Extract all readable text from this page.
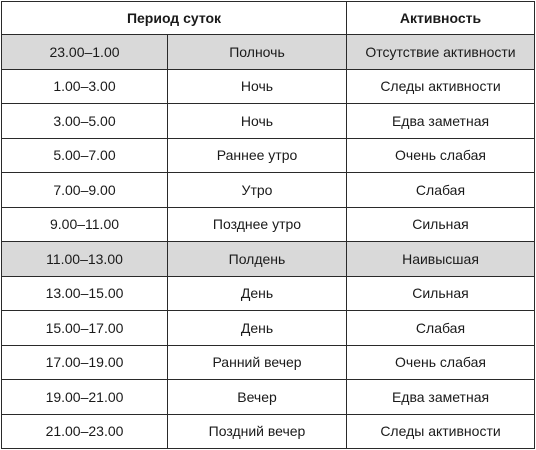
Период суток		Активность
23.00–1.00	Полночь	Отсутствие активности
1.00–3.00	Ночь	Следы активности
3.00–5.00	Ночь	Едва заметная
5.00–7.00	Раннее утро	Очень слабая
7.00–9.00	Утро	Слабая
9.00–11.00	Позднее утро	Сильная
11.00–13.00	Полдень	Наивысшая
13.00–15.00	День	Сильная
15.00–17.00	День	Слабая
17.00–19.00	Ранний вечер	Очень слабая
19.00–21.00	Вечер	Едва заметная
21.00–23.00	Поздний вечер	Следы активности
